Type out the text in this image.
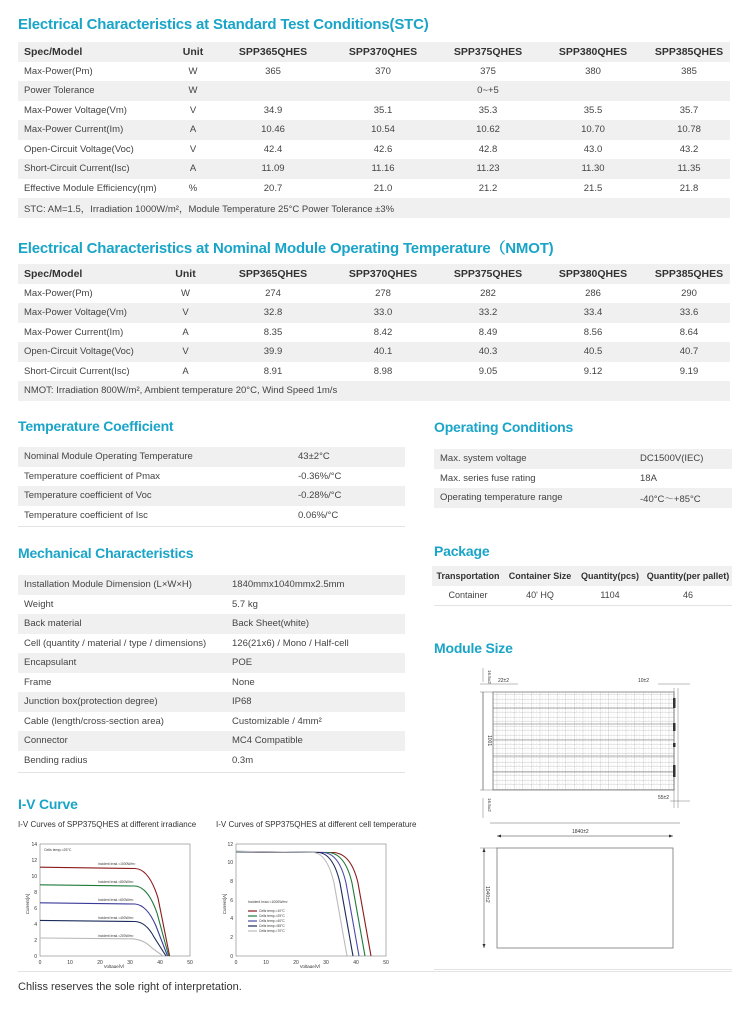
Electrical Characteristics at Standard Test Conditions(STC)
Spec/Model	Unit	SPP365QHES	SPP370QHES	SPP375QHES	SPP380QHES	SPP385QHES
Max-Power(Pm)	W	365	370	375	380	385
Power Tolerance	W			0~+5		
Max-Power Voltage(Vm)	V	34.9	35.1	35.3	35.5	35.7
Max-Power Current(Im)	A	10.46	10.54	10.62	10.70	10.78
Open-Circuit Voltage(Voc)	V	42.4	42.6	42.8	43.0	43.2
Short-Circuit Current(Isc)	A	11.09	11.16	11.23	11.30	11.35
Effective Module Efficiency(ηm)	%	20.7	21.0	21.2	21.5	21.8
STC: AM=1.5，Irradiation 1000W/m²，Module Temperature 25°C Power Tolerance ±3%						
Electrical Characteristics at Nominal Module Operating Temperature（NMOT)
Spec/Model	Unit	SPP365QHES	SPP370QHES	SPP375QHES	SPP380QHES	SPP385QHES
Max-Power(Pm)	W	274	278	282	286	290
Max-Power Voltage(Vm)	V	32.8	33.0	33.2	33.4	33.6
Max-Power Current(Im)	A	8.35	8.42	8.49	8.56	8.64
Open-Circuit Voltage(Voc)	V	39.9	40.1	40.3	40.5	40.7
Short-Circuit Current(Isc)	A	8.91	8.98	9.05	9.12	9.19
NMOT: Irradiation 800W/m², Ambient temperature 20°C, Wind Speed 1m/s						
Temperature Coefficient
Nominal Module Operating Temperature	43±2°C
Temperature coefficient of Pmax	-0.36%/°C
Temperature coefficient of Voc	-0.28%/°C
Temperature coefficient of Isc	0.06%/°C
Operating Conditions
Max. system voltage	DC1500V(IEC)
Max. series fuse rating	18A
Operating temperature range	-40°C～+85°C
Package
Transportation	Container Size	Quantity(pcs)	Quantity(per pallet)
Container	40' HQ	1104	46
Mechanical Characteristics
Installation Module Dimension (L×W×H)	1840mmx1040mmx2.5mm
Weight	5.7 kg
Back material	Back Sheet(white)
Cell (quantity / material / type / dimensions)	126(21x6) / Mono / Half-cell
Encapsulant	POE
Frame	None
Junction box(protection degree)	IP68
Cable (length/cross-section area)	Customizable / 4mm²
Connector	MC4 Compatible
Bending radius	0.3m
Module Size
22±2	10±2
55±2
1001
16.5±2
16.5±2
1840±2
1040±2
I-V Curve
I-V Curves of SPP375QHES at different irradiance I-V Curves of SPP375QHES at different cell temperature
14
12
10
8
6
4
2
0
0	10	20	30	40	50
Voltage[V]
Current[A]
Cells temp.=25°C
Incident Irrad.=1000W/m²
Incident Irrad.=800W/m²
Incident Irrad.=600W/m²
Incident Irrad.=400W/m²
Incident Irrad.=200W/m²
12
10
8
6
4
2
0
0	10	20	30	40	50
Voltage[V]
Current[A]	Incident Irrad.=1000W/m²
Cells temp.=10°C
Cells temp.=25°C
Cells temp.=40°C
Cells temp.=55°C
Cells temp.=70°C
Chliss reserves the sole right of interpretation.
